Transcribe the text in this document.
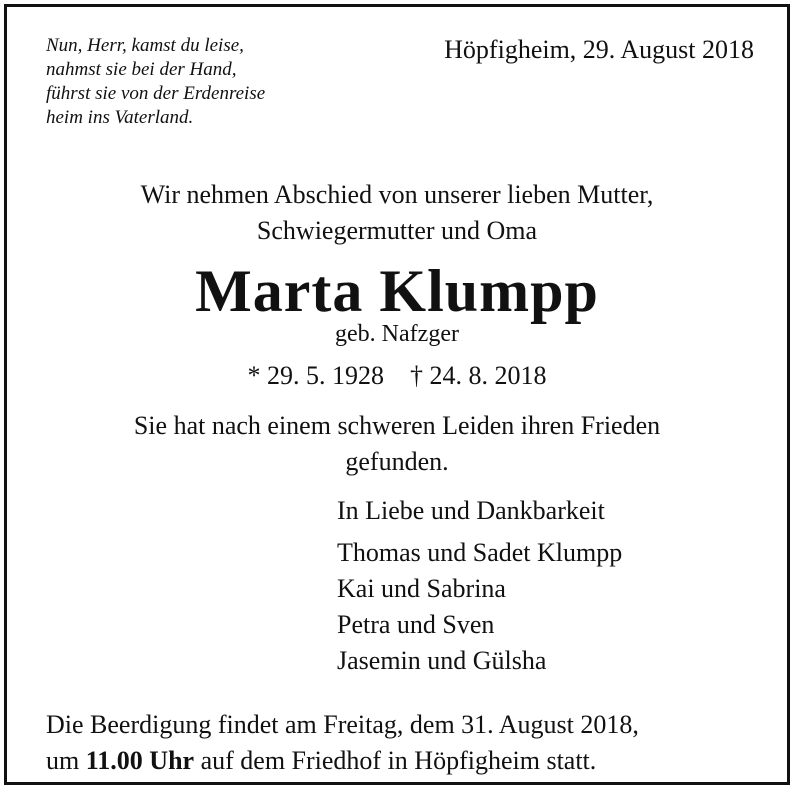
Nun, Herr, kamst du leise,
nahmst sie bei der Hand,
führst sie von der Erdenreise
heim ins Vaterland.
Höpfigheim, 29. August 2018
Wir nehmen Abschied von unserer lieben Mutter,
Schwiegermutter und Oma
Marta Klumpp
geb. Nafzger
* 29. 5. 1928 † 24. 8. 2018
Sie hat nach einem schweren Leiden ihren Frieden
gefunden.
In Liebe und Dankbarkeit
Thomas und Sadet Klumpp
Kai und Sabrina
Petra und Sven
Jasemin und Gülsha
Die Beerdigung findet am Freitag, dem 31. August 2018,
um 11.00 Uhr auf dem Friedhof in Höpfigheim statt.
